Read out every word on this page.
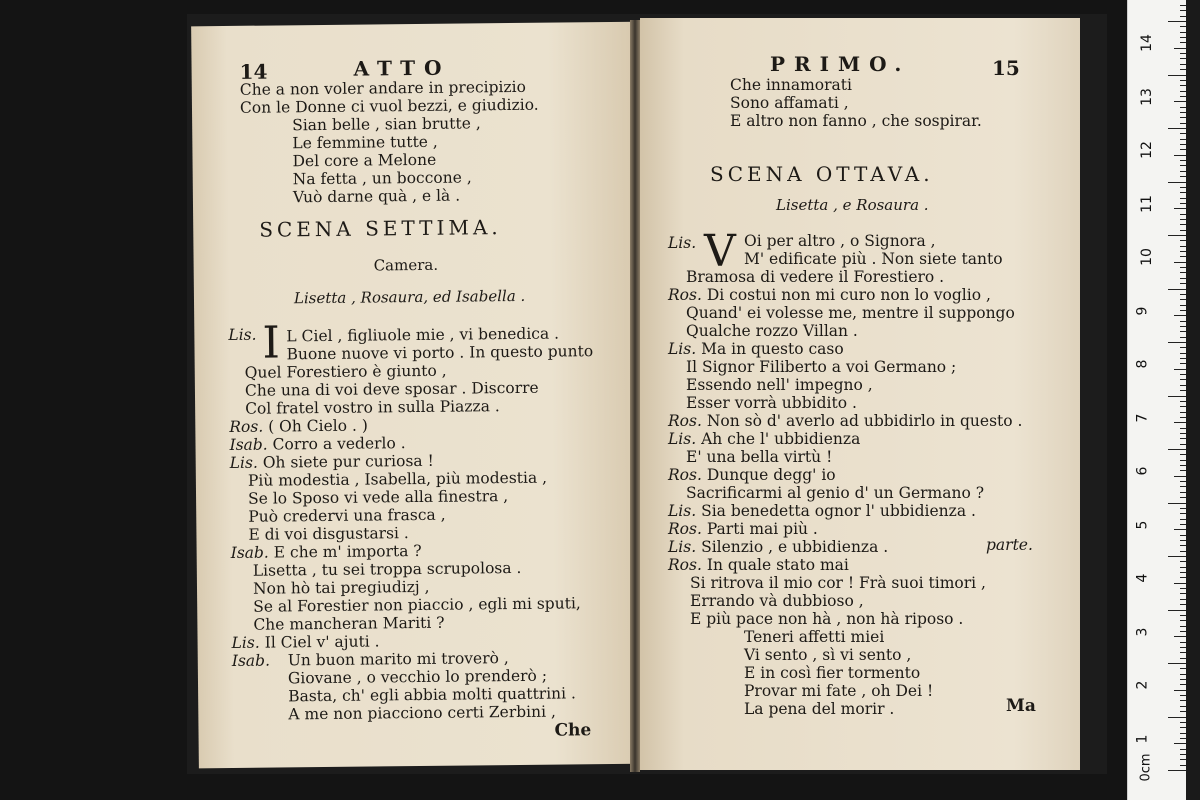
14	ATTO
Che a non voler andare in precipizio
Con le Donne ci vuol bezzi, e giudizio.
Sian belle , sian brutte ,
Le femmine tutte ,
Del core a Melone
Na fetta , un boccone ,
Vuò darne quà , e là .
SCENA SETTIMA.
Camera.
Lisetta , Rosaura, ed Isabella .
I
Lis. L Ciel , figliuole mie , vi benedica .
Buone nuove vi porto . In questo punto
Quel Forestiero è giunto ,
Che una di voi deve sposar . Discorre
Col fratel vostro in sulla Piazza .
Ros. ( Oh Cielo . )
Isab. Corro a vederlo .
Lis. Oh siete pur curiosa !
Più modestia , Isabella, più modestia ,
Se lo Sposo vi vede alla finestra ,
Può credervi una frasca ,
E di voi disgustarsi .
Isab. E che m' importa ?
Lisetta , tu sei troppa scrupolosa .
Non hò tai pregiudizj ,
Se al Forestier non piaccio , egli mi sputi,
Che mancheran Mariti ?
Lis. Il Ciel v' ajuti .
Isab. Un buon marito mi troverò ,
Giovane , o vecchio lo prenderò ;
Basta, ch' egli abbia molti quattrini .
A me non piacciono certi Zerbini ,
Che
PRIMO.	15
Che innamorati
Sono affamati ,
E altro non fanno , che sospirar.
SCENA OTTAVA.
Lisetta , e Rosaura .
V
Lis.	Oi per altro , o Signora ,
M' edificate più . Non siete tanto
Bramosa di vedere il Forestiero .
Ros. Di costui non mi curo non lo voglio ,
Quand' ei volesse me, mentre il suppongo
Qualche rozzo Villan .
Lis. Ma in questo caso
Il Signor Filiberto a voi Germano ;
Essendo nell' impegno ,
Esser vorrà ubbidito .
Ros. Non sò d' averlo ad ubbidirlo in questo .
Lis. Ah che l' ubbidienza
E' una bella virtù !
Ros. Dunque degg' io
Sacrificarmi al genio d' un Germano ?
Lis. Sia benedetta ognor l' ubbidienza .
Ros. Parti mai più .
Lis. Silenzio , e ubbidienza .	parte.
Ros. In quale stato mai
Si ritrova il mio cor ! Frà suoi timori ,
Errando và dubbioso ,
E più pace non hà , non hà riposo .
Teneri affetti miei
Vi sento , sì vi sento ,
E in così fier tormento
Provar mi fate , oh Dei !
La pena del morir .	Ma
14
13
12
11
10
9
8
7
6
5
4
3
2
1
0cm
